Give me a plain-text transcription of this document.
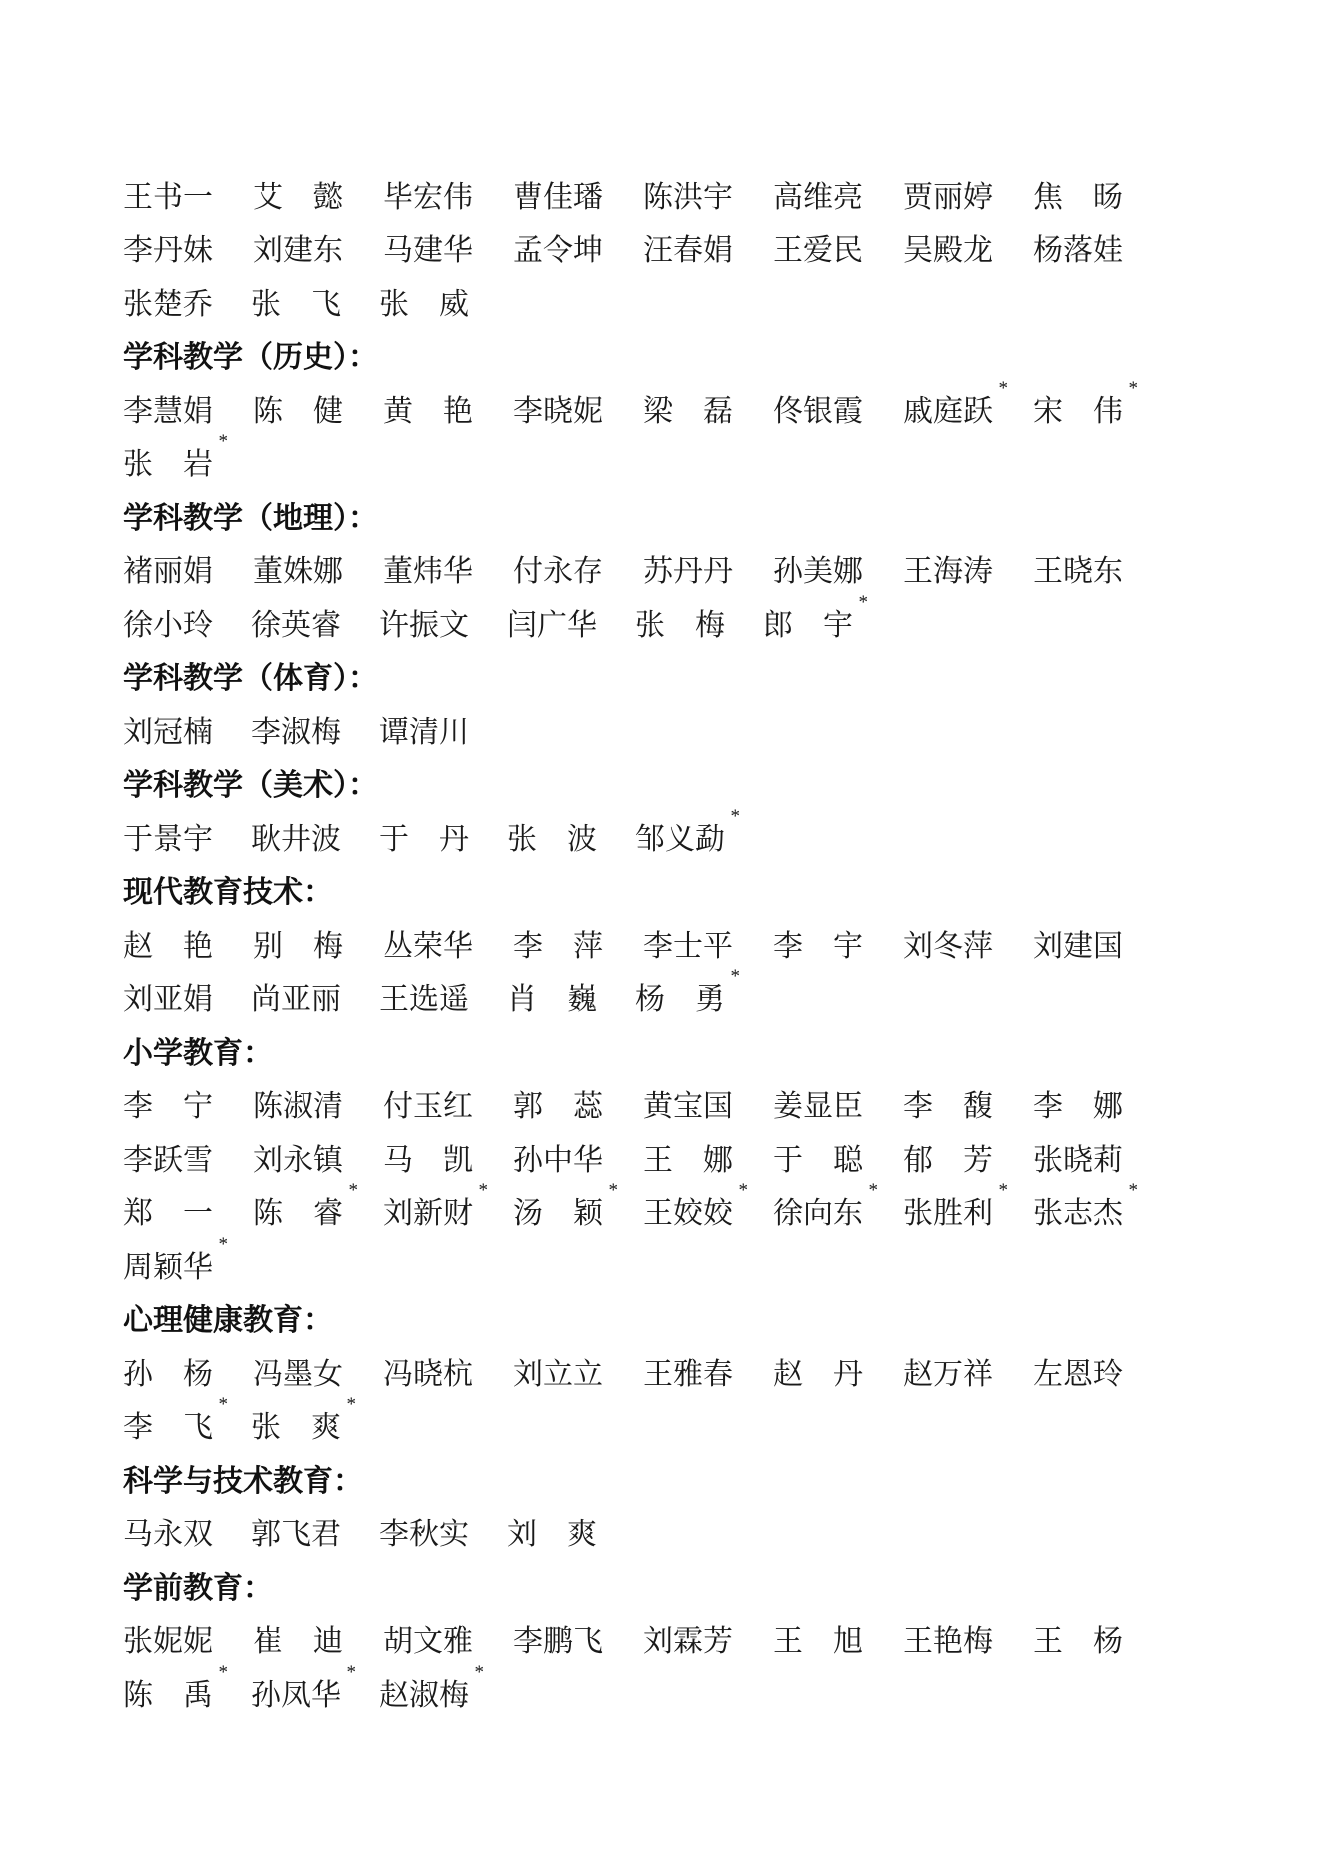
王 书 一 艾 懿 毕 宏 伟 曹 佳 璠 陈 洪 宇 高 维 亮 贾 丽 婷 焦 旸
李 丹 妹 刘 建 东 马 建 华 孟 令 坤 汪 春 娟 王 爱 民 吴 殿 龙 杨 落 娃
张 楚 乔 张 飞 张 威
学科教学（历史）：
李 慧 娟 陈 健 黄 艳 李 晓 妮 梁 磊 佟 银 霞 戚 庭 跃
*
宋 伟
*
张 岩
*
学科教学（地理）：
褚 丽 娟 董 姝 娜 董 炜 华 付 永 存 苏 丹 丹 孙 美 娜 王 海 涛 王 晓 东
徐 小 玲 徐 英 睿 许 振 文 闫 广 华 张 梅 郎 宇
*
学科教学（体育）：
刘 冠 楠 李 淑 梅 谭 清 川
学科教学（美术）：
于 景 宇 耿 井 波 于 丹 张 波 邹 义 勐
*
现代教育技术：
赵 艳 别 梅 丛 荣 华 李 萍 李 士 平 李 宇 刘 冬 萍 刘 建 国
刘 亚 娟 尚 亚 丽 王 选 遥 肖 巍 杨 勇
*
小学教育：
李 宁 陈 淑 清 付 玉 红 郭 蕊 黄 宝 国 姜 显 臣 李 馥 李 娜
李 跃 雪 刘 永 镇 马 凯 孙 中 华 王 娜 于 聪 郁 芳 张 晓 莉
郑 一 陈 睿
*
刘 新 财
*
汤 颖
*
王 姣 姣
*
徐 向 东
*
张 胜 利
*
张 志 杰
*
周 颖 华
*
心理健康教育：
孙 杨 冯 墨 女 冯 晓 杭 刘 立 立 王 雅 春 赵 丹 赵 万 祥 左 恩 玲
李 飞
*
张 爽
*
科学与技术教育：
马 永 双 郭 飞 君 李 秋 实 刘 爽
学前教育：
张 妮 妮 崔 迪 胡 文 雅 李 鹏 飞 刘 霖 芳 王 旭 王 艳 梅 王 杨
陈 禹
*
孙 凤 华
*
赵 淑 梅
*
